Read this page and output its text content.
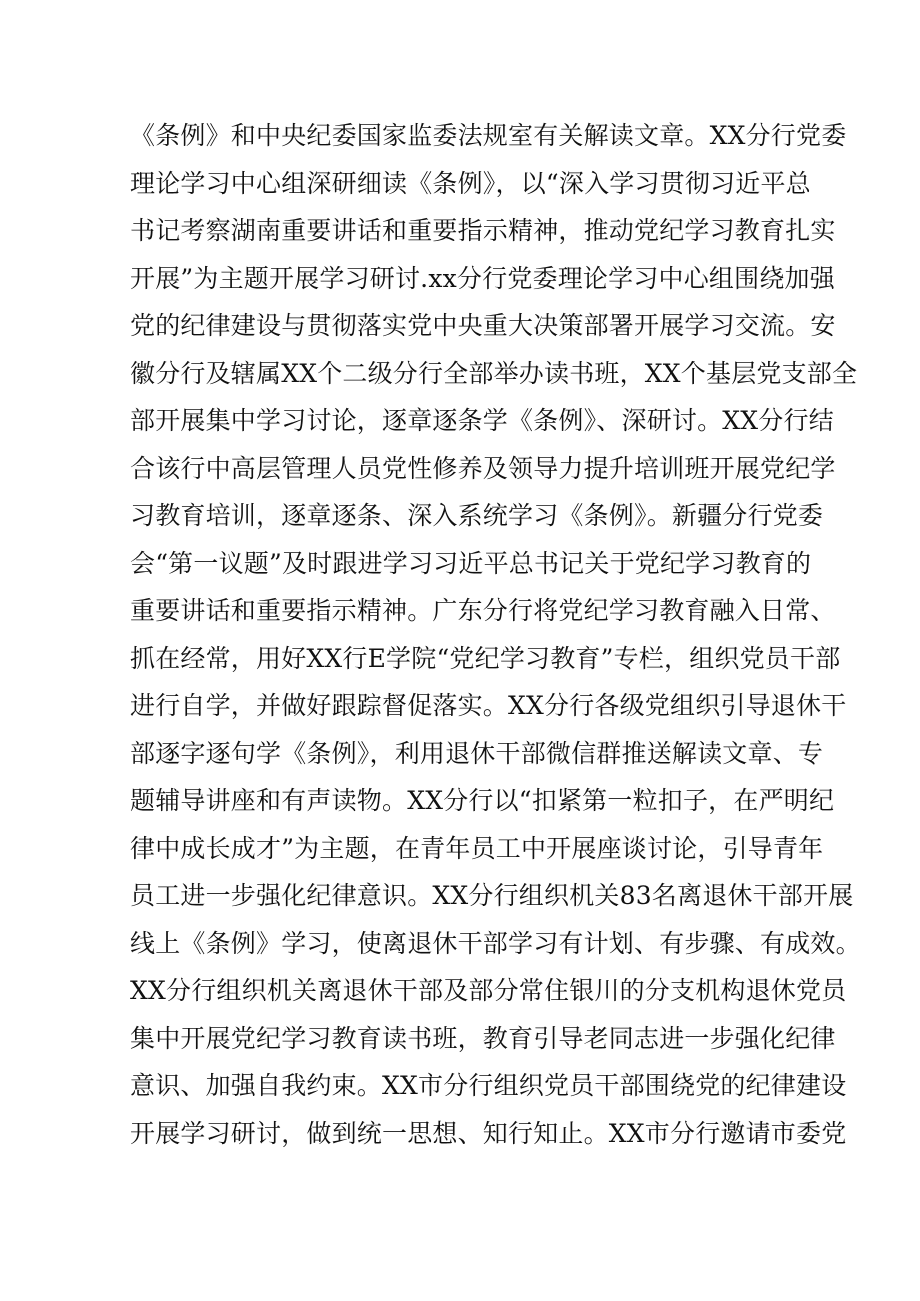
《条例》和中央纪委国家监委法规室有关解读文章。XX分行党委
理论学习中心组深研细读《条例》，以“深入学习贯彻习近平总
书记考察湖南重要讲话和重要指示精神，推动党纪学习教育扎实
开展”为主题开展学习研讨.xx分行党委理论学习中心组围绕加强
党的纪律建设与贯彻落实党中央重大决策部署开展学习交流。安
徽分行及辖属XX个二级分行全部举办读书班，XX个基层党支部全
部开展集中学习讨论，逐章逐条学《条例》、深研讨。XX分行结
合该行中高层管理人员党性修养及领导力提升培训班开展党纪学
习教育培训，逐章逐条、深入系统学习《条例》。新疆分行党委
会“第一议题”及时跟进学习习近平总书记关于党纪学习教育的
重要讲话和重要指示精神。广东分行将党纪学习教育融入日常、
抓在经常，用好XX行E学院“党纪学习教育”专栏，组织党员干部
进行自学，并做好跟踪督促落实。XX分行各级党组织引导退休干
部逐字逐句学《条例》，利用退休干部微信群推送解读文章、专
题辅导讲座和有声读物。XX分行以“扣紧第一粒扣子，在严明纪
律中成长成才”为主题，在青年员工中开展座谈讨论，引导青年
员工进一步强化纪律意识。XX分行组织机关83名离退休干部开展
线上《条例》学习，使离退休干部学习有计划、有步骤、有成效。
XX分行组织机关离退休干部及部分常住银川的分支机构退休党员
集中开展党纪学习教育读书班，教育引导老同志进一步强化纪律
意识、加强自我约束。XX市分行组织党员干部围绕党的纪律建设
开展学习研讨，做到统一思想、知行知止。XX市分行邀请市委党
